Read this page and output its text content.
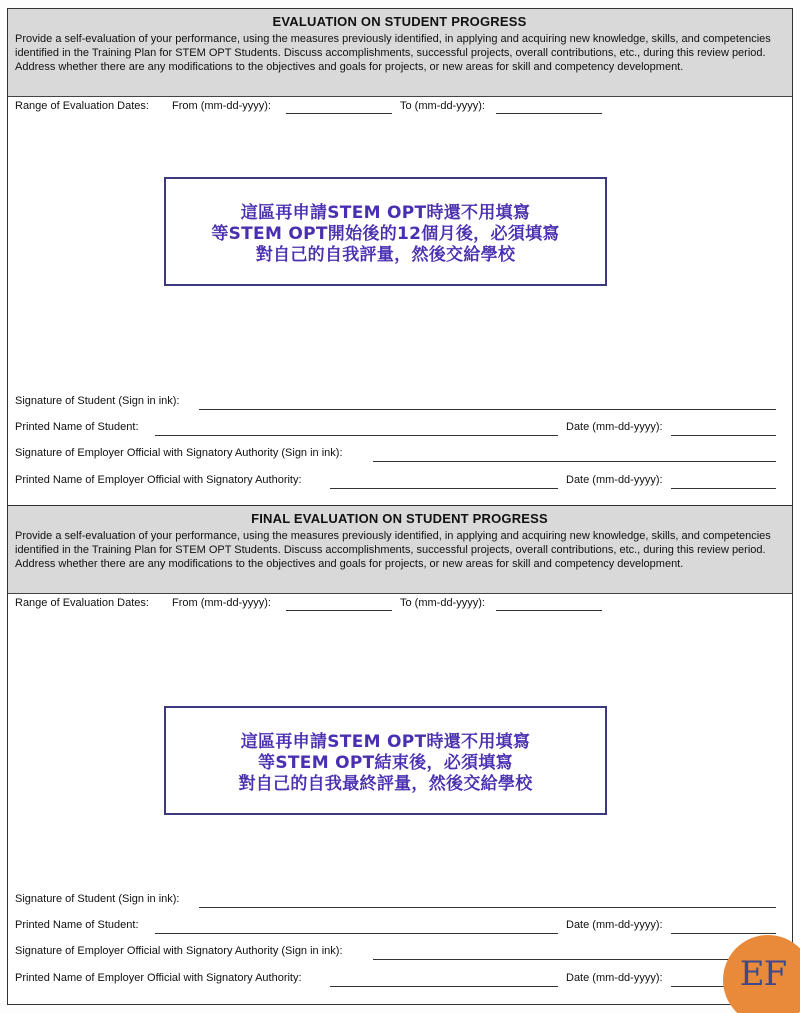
EVALUATION ON STUDENT PROGRESS
Provide a self-evaluation of your performance, using the measures previously identified, in applying and acquiring new knowledge, skills, and competencies identified in the Training Plan for STEM OPT Students. Discuss accomplishments, successful projects, overall contributions, etc., during this review period. Address whether there are any modifications to the objectives and goals for projects, or new areas for skill and competency development.
Range of Evaluation Dates: From (mm-dd-yyyy):	To (mm-dd-yyyy):
這區再申請STEM OPT時還不用填寫
等STEM OPT開始後的12個月後，必須填寫
對自己的自我評量，然後交給學校
Signature of Student (Sign in ink):
Printed Name of Student:	Date (mm-dd-yyyy):
Signature of Employer Official with Signatory Authority (Sign in ink):
Printed Name of Employer Official with Signatory Authority:	Date (mm-dd-yyyy):
FINAL EVALUATION ON STUDENT PROGRESS
Provide a self-evaluation of your performance, using the measures previously identified, in applying and acquiring new knowledge, skills, and competencies identified in the Training Plan for STEM OPT Students. Discuss accomplishments, successful projects, overall contributions, etc., during this review period. Address whether there are any modifications to the objectives and goals for projects, or new areas for skill and competency development.
Range of Evaluation Dates: From (mm-dd-yyyy):	To (mm-dd-yyyy):
這區再申請STEM OPT時還不用填寫
等STEM OPT結束後，必須填寫
對自己的自我最終評量，然後交給學校
Signature of Student (Sign in ink):
Printed Name of Student:	Date (mm-dd-yyyy):
Signature of Employer Official with Signatory Authority (Sign in ink):
Printed Name of Employer Official with Signatory Authority:	Date (mm-dd-yyyy): EF
